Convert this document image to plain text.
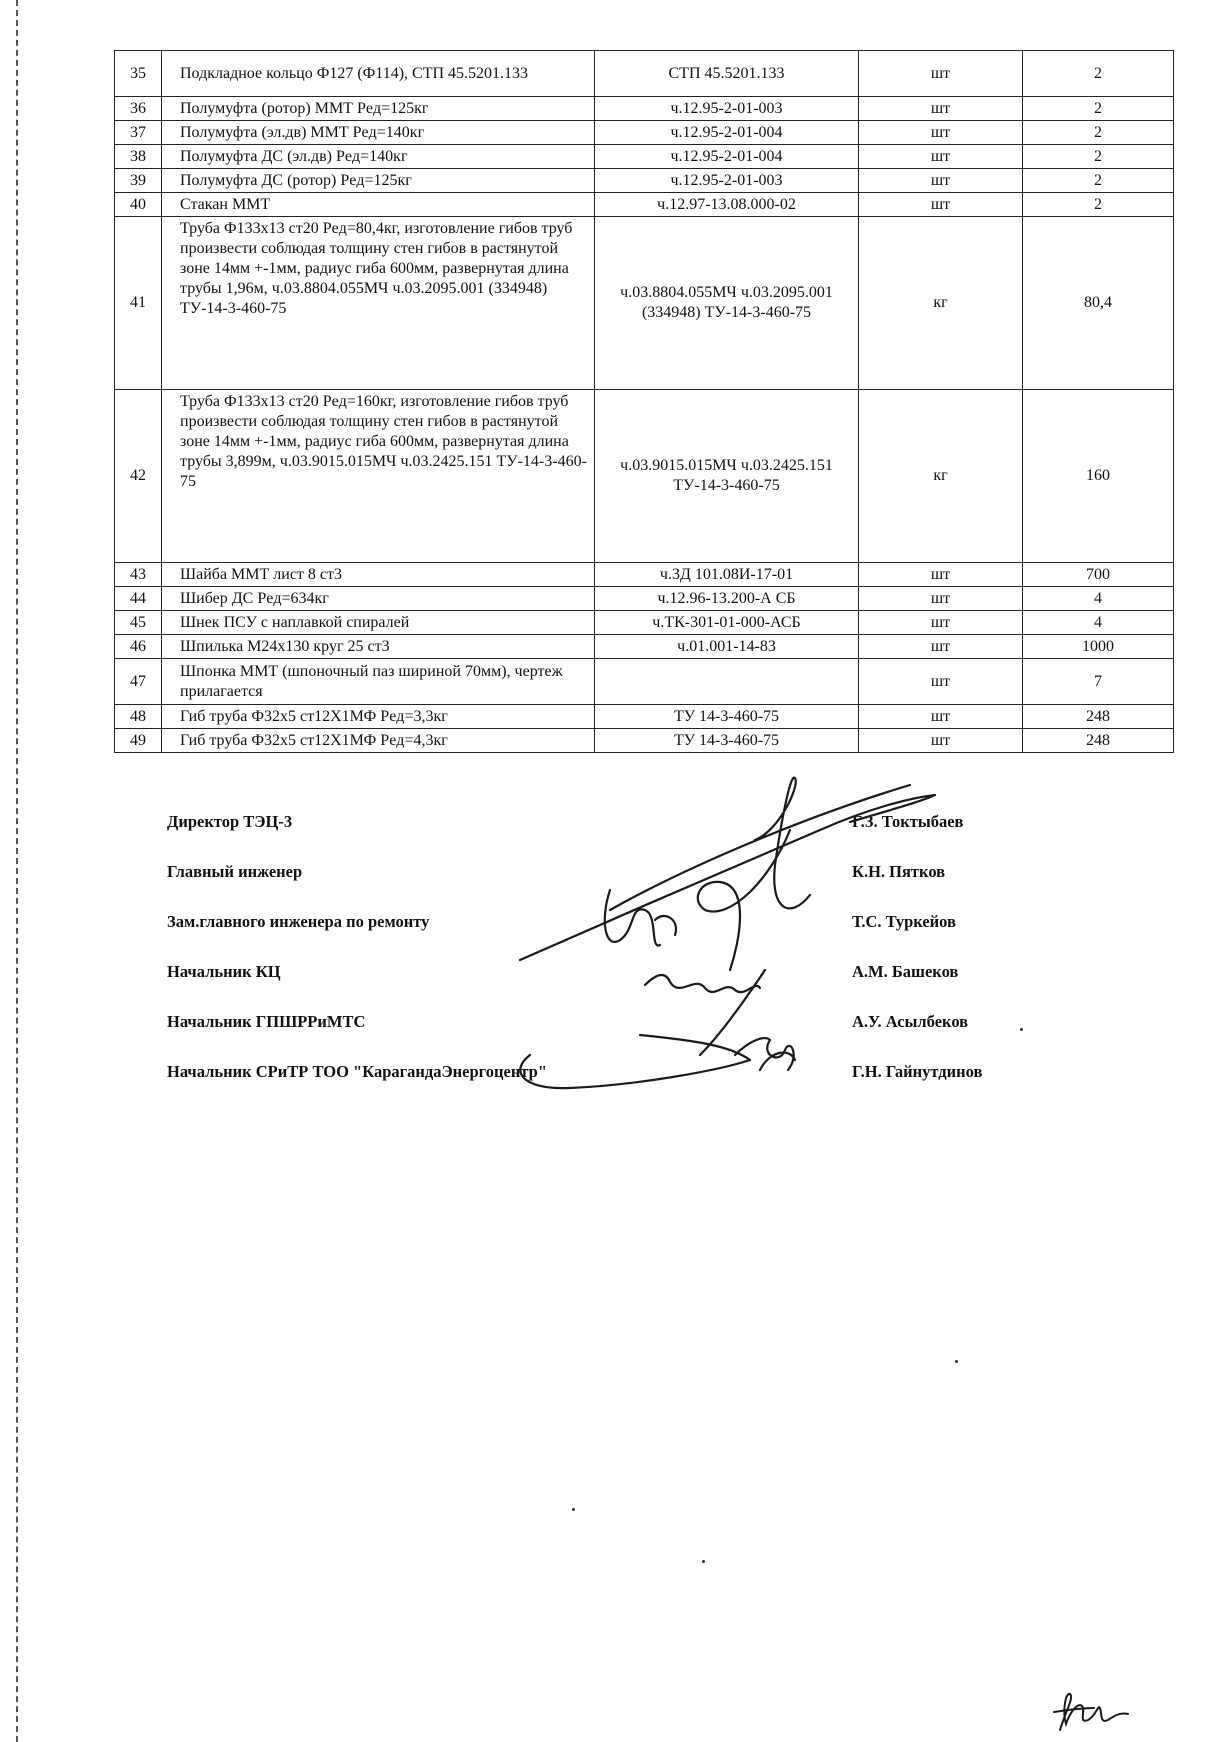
35	Подкладное кольцо Ф127 (Ф114), СТП 45.5201.133	СТП 45.5201.133	шт	2
36	Полумуфта (ротор) ММТ Рeд=125кг	ч.12.95-2-01-003	шт	2
37	Полумуфта (эл.дв) ММТ Рeд=140кг	ч.12.95-2-01-004	шт	2
38	Полумуфта ДС (эл.дв) Рeд=140кг	ч.12.95-2-01-004	шт	2
39	Полумуфта ДС (ротор) Рeд=125кг	ч.12.95-2-01-003	шт	2
40	Стакан ММТ	ч.12.97-13.08.000-02	шт	2
41	Труба Ф133х13 ст20 Рeд=80,4кг, изготовление гибов труб произвести соблюдая толщину стен гибов в растянутой зоне 14мм +-1мм, радиус гиба 600мм, развернутая длина трубы 1,96м, ч.03.8804.055МЧ ч.03.2095.001 (334948) ТУ-14-3-460-75	ч.03.8804.055МЧ ч.03.2095.001 (334948) ТУ-14-3-460-75	кг	80,4
42	Труба Ф133х13 ст20 Рeд=160кг, изготовление гибов труб произвести соблюдая толщину стен гибов в растянутой зоне 14мм +-1мм, радиус гиба 600мм, развернутая длина трубы 3,899м, ч.03.9015.015МЧ ч.03.2425.151 ТУ-14-3-460-75	ч.03.9015.015МЧ ч.03.2425.151 ТУ-14-3-460-75	кг	160
43	Шайба ММТ лист 8 ст3	ч.3Д 101.08И-17-01	шт	700
44	Шибер ДС Рeд=634кг	ч.12.96-13.200-А СБ	шт	4
45	Шнек ПСУ с наплавкой спиралей	ч.ТК-301-01-000-АСБ	шт	4
46	Шпилька М24х130 круг 25 ст3	ч.01.001-14-83	шт	1000
47	Шпонка ММТ (шпоночный паз шириной 70мм), чертеж прилагается		шт	7
48	Гиб труба Ф32х5 ст12Х1МФ Рeд=3,3кг	ТУ 14-3-460-75	шт	248
49	Гиб труба Ф32х5 ст12Х1МФ Рeд=4,3кг	ТУ 14-3-460-75	шт	248
Директор ТЭЦ-3	Г.З. Токтыбаев
Главный инженер	К.Н. Пятков
Зам.главного инженера по ремонту	Т.С. Туркейов
Начальник КЦ	А.М. Башеков
Начальник ГПШРРиМТС	А.У. Асылбеков
Начальник СРиТР ТОО "КарагандаЭнергоцентр"	Г.Н. Гайнутдинов
